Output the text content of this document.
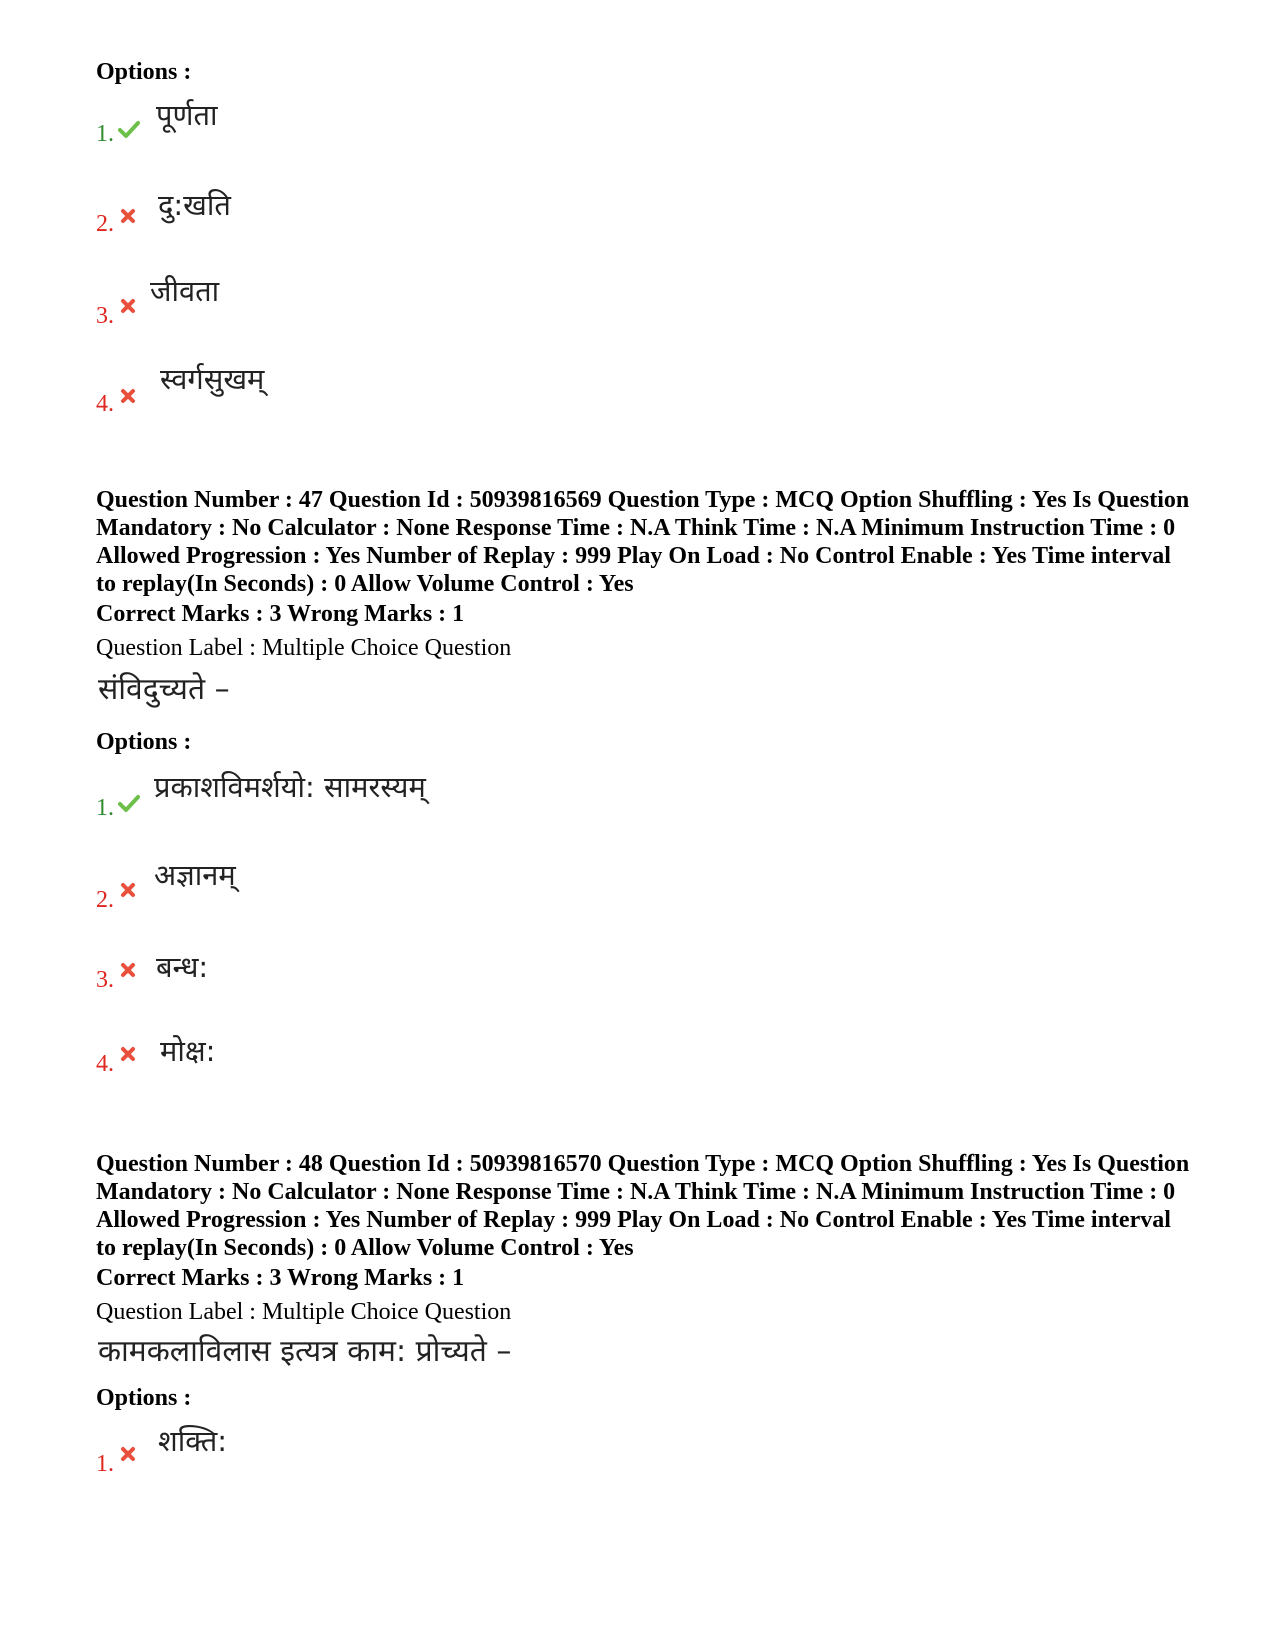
Options :
1.
पूर्णता
2.
दु:खति
3.
जीवता
4.
स्वर्गसुखम्

Question Number : 47 Question Id : 50939816569 Question Type : MCQ Option Shuffling : Yes Is Question Mandatory : No Calculator : None Response Time : N.A Think Time : N.A Minimum Instruction Time : 0 Allowed Progression : Yes Number of Replay : 999 Play On Load : No Control Enable : Yes Time interval to replay(In Seconds) : 0 Allow Volume Control : Yes

Correct Marks : 3 Wrong Marks : 1
Question Label : Multiple Choice Question
संविदुच्यते –
Options :
1.
प्रकाशविमर्शयो: सामरस्यम्
2.
अज्ञानम्
3. बन्ध:
4. मोक्ष:

Question Number : 48 Question Id : 50939816570 Question Type : MCQ Option Shuffling : Yes Is Question Mandatory : No Calculator : None Response Time : N.A Think Time : N.A Minimum Instruction Time : 0 Allowed Progression : Yes Number of Replay : 999 Play On Load : No Control Enable : Yes Time interval to replay(In Seconds) : 0 Allow Volume Control : Yes

Correct Marks : 3 Wrong Marks : 1
Question Label : Multiple Choice Question
कामकलाविलास इत्यत्र काम: प्रोच्यते –
Options :
1.
शक्ति:
